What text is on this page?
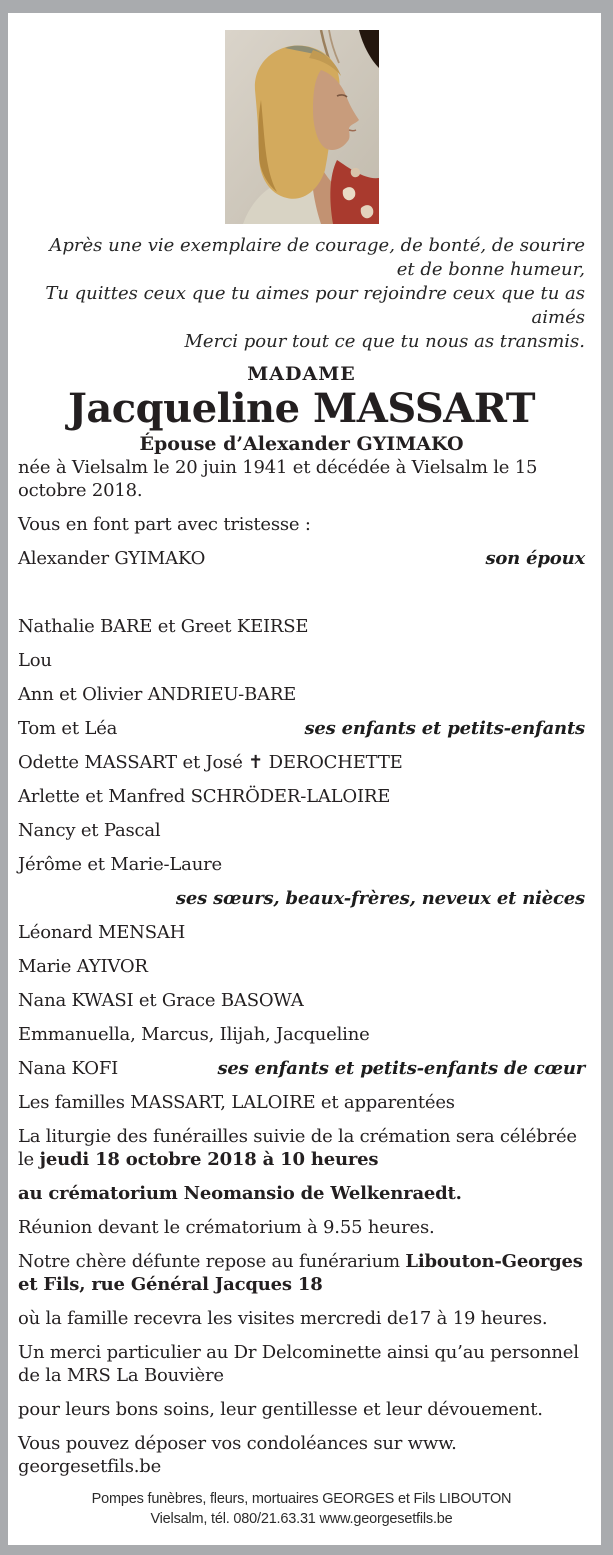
Après une vie exemplaire de courage, de bonté, de sourire
et de bonne humeur,
Tu quittes ceux que tu aimes pour rejoindre ceux que tu as
aimés
Merci pour tout ce que tu nous as transmis.
MADAME
Jacqueline MASSART
Épouse d’Alexander GYIMAKO

née à Vielsalm le 20 juin 1941 et décédée à Vielsalm le 15 octobre 2018.

Vous en font part avec tristesse :

Alexander GYIMAKO	son époux
Nathalie BARE et Greet KEIRSE
Lou
Ann et Olivier ANDRIEU-BARE
Tom et Léa	ses enfants et petits-enfants
Odette MASSART et José ✝ DEROCHETTE
Arlette et Manfred SCHRÖDER-LALOIRE
Nancy et Pascal
Jérôme et Marie-Laure
ses sœurs, beaux-frères, neveux et nièces
Léonard MENSAH
Marie AYIVOR
Nana KWASI et Grace BASOWA
Emmanuella, Marcus, Ilijah, Jacqueline
Nana KOFI	ses enfants et petits-enfants de cœur
Les familles MASSART, LALOIRE et apparentées

La liturgie des funérailles suivie de la crémation sera célébrée le jeudi 18 octobre 2018 à 10 heures

au crématorium Neomansio de Welkenraedt.

Réunion devant le crématorium à 9.55 heures.

Notre chère défunte repose au funérarium Libouton-Georges et Fils, rue Général Jacques 18

où la famille recevra les visites mercredi de17 à 19 heures.

Un merci particulier au Dr Delcominette ainsi qu’au personnel de la MRS La Bouvière

pour leurs bons soins, leur gentillesse et leur dévouement.

Vous pouvez déposer vos condoléances sur www.
georgesetfils.be

Pompes funèbres, fleurs, mortuaires GEORGES et Fils LIBOUTON
Vielsalm, tél. 080/21.63.31 www.georgesetfils.be
